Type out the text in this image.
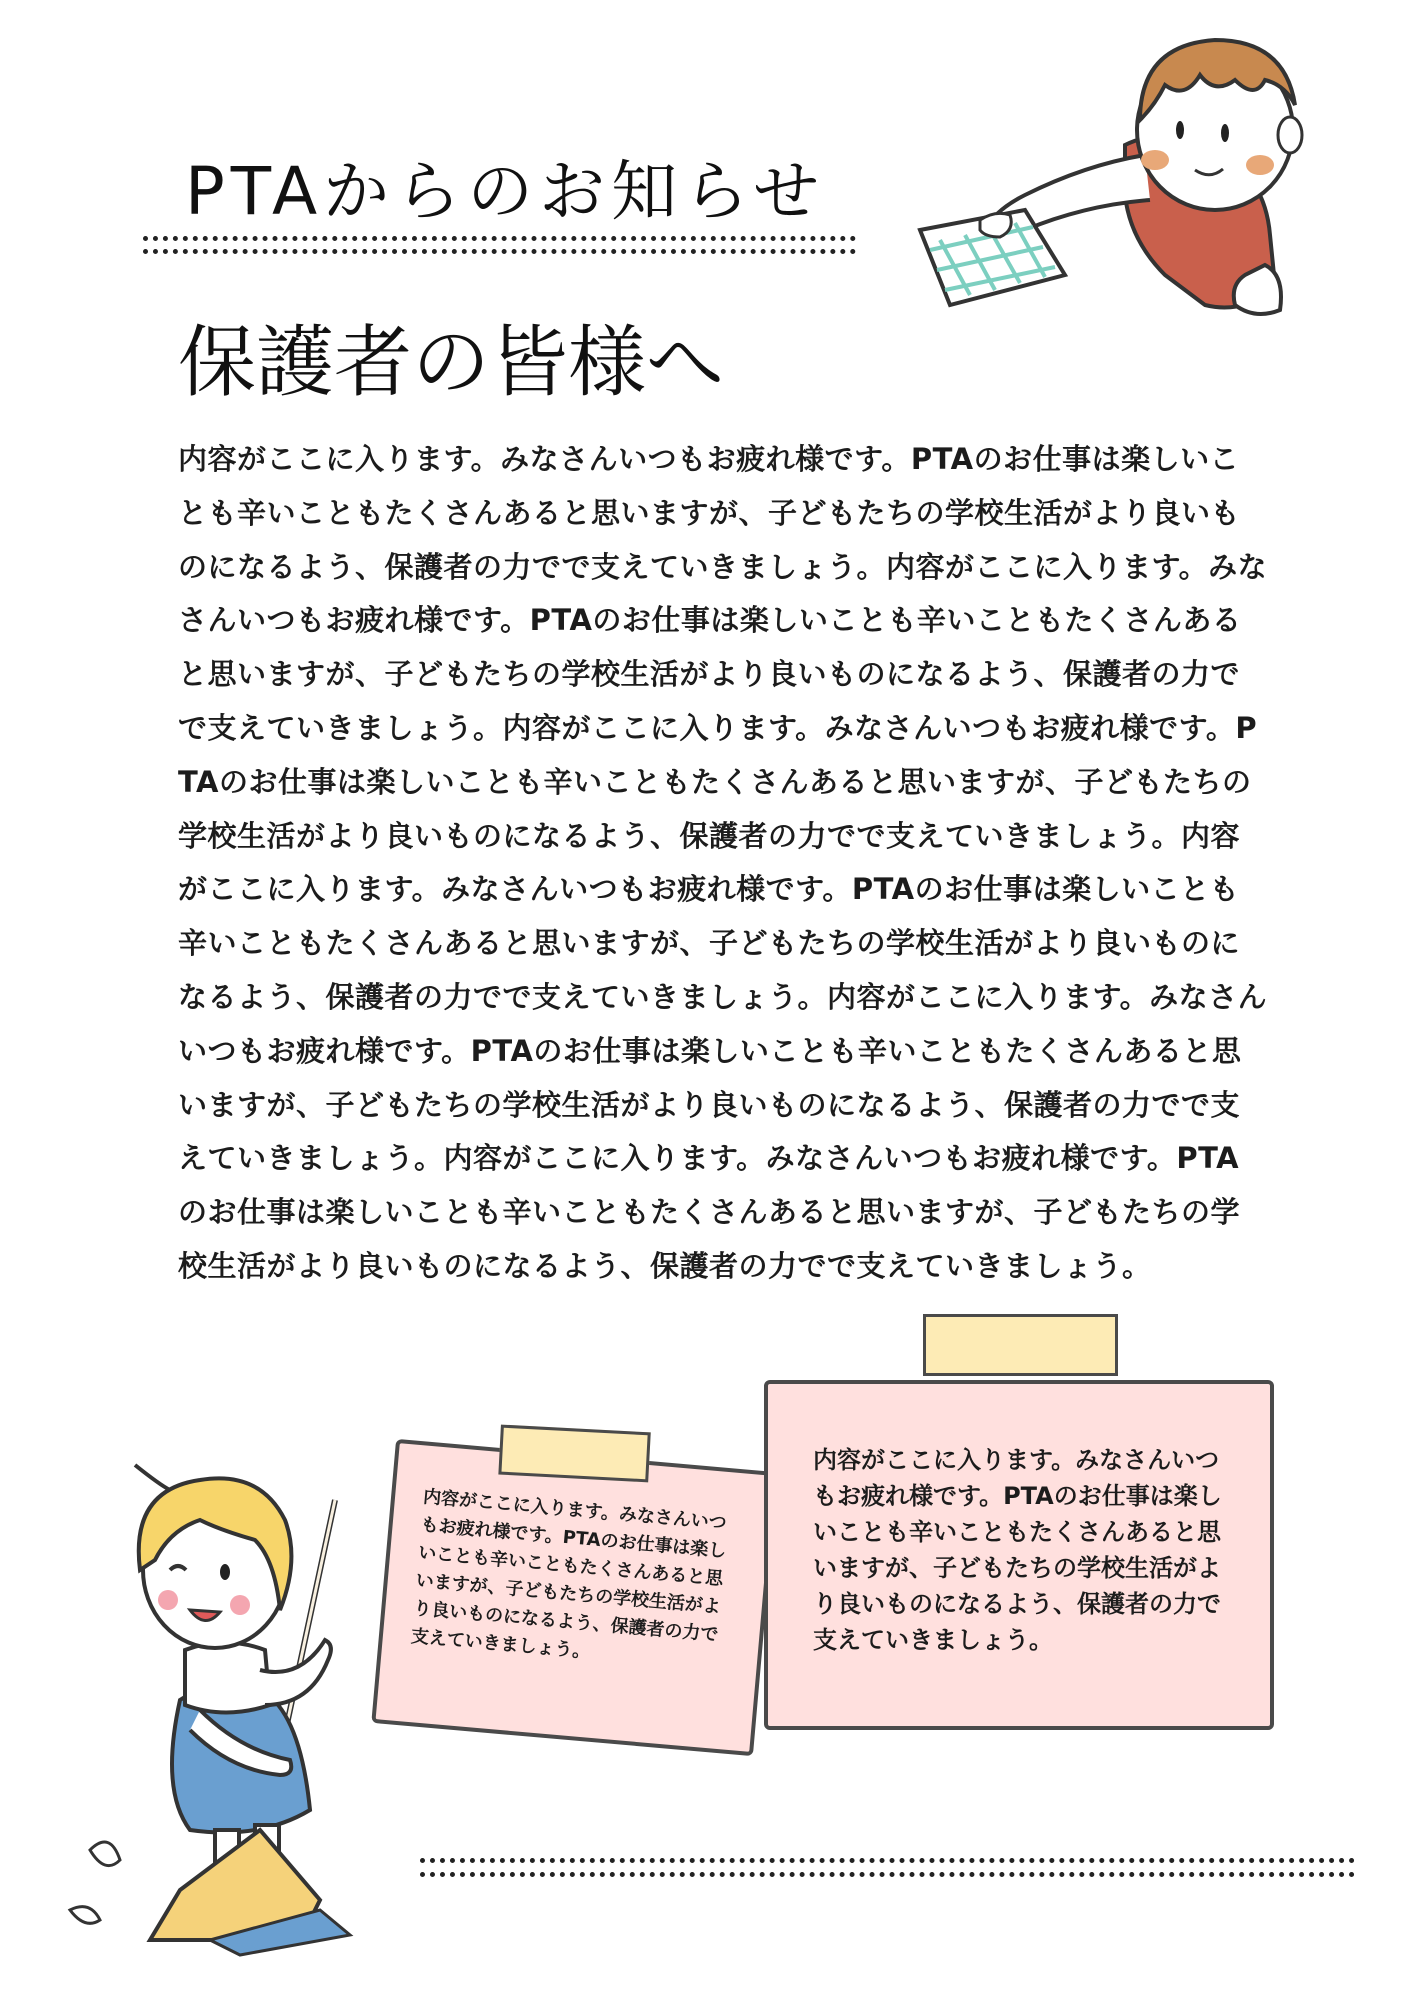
PTAからのお知らせ
保護者の皆様へ
内容がここに入ります。みなさんいつもお疲れ様です。PTAのお仕事は楽しいことも辛いこともたくさんあると思いますが、子どもたちの学校生活がより良いものになるよう、保護者の力でで支えていきましょう。内容がここに入ります。みなさんいつもお疲れ様です。PTAのお仕事は楽しいことも辛いこともたくさんあると思いますが、子どもたちの学校生活がより良いものになるよう、保護者の力でで支えていきましょう。内容がここに入ります。みなさんいつもお疲れ様です。PTAのお仕事は楽しいことも辛いこともたくさんあると思いますが、子どもたちの学校生活がより良いものになるよう、保護者の力でで支えていきましょう。内容がここに入ります。みなさんいつもお疲れ様です。PTAのお仕事は楽しいことも辛いこともたくさんあると思いますが、子どもたちの学校生活がより良いものになるよう、保護者の力でで支えていきましょう。内容がここに入ります。みなさんいつもお疲れ様です。PTAのお仕事は楽しいことも辛いこともたくさんあると思いますが、子どもたちの学校生活がより良いものになるよう、保護者の力でで支えていきましょう。内容がここに入ります。みなさんいつもお疲れ様です。PTAのお仕事は楽しいことも辛いこともたくさんあると思いますが、子どもたちの学校生活がより良いものになるよう、保護者の力でで支えていきましょう。
内容がここに入ります。みなさんいつもお疲れ様です。PTAのお仕事は楽しいことも辛いこともたくさんあると思いますが、子どもたちの学校生活がより良いものになるよう、保護者の力で支えていきましょう。
内容がここに入ります。みなさんいつもお疲れ様です。PTAのお仕事は楽しいことも辛いこともたくさんあると思いますが、子どもたちの学校生活がより良いものになるよう、保護者の力で支えていきましょう。
